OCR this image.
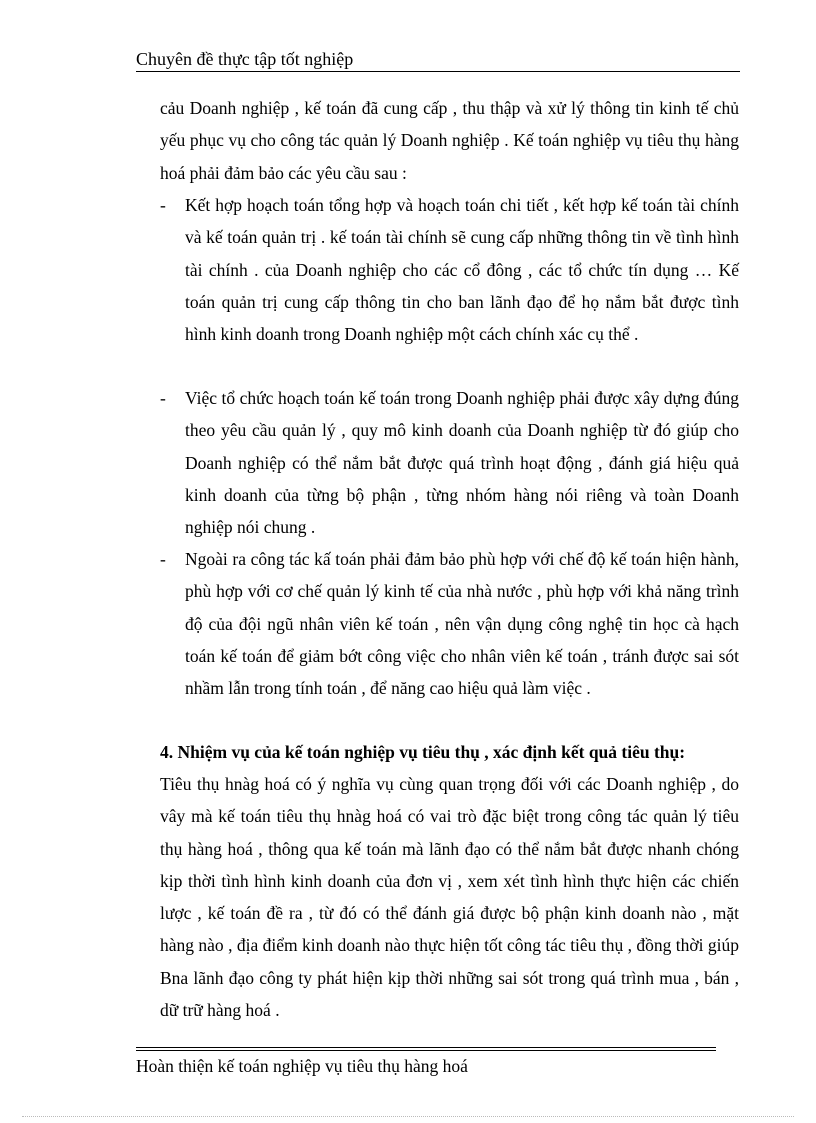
Chuyên đề thực tập tốt nghiệp
cảu Doanh nghiệp , kế toán đã cung cấp , thu thập và xử lý thông tin kinh tế chủ yếu phục vụ cho công tác quản lý Doanh nghiệp . Kế toán nghiệp vụ tiêu thụ hàng hoá phải đảm bảo các yêu cầu sau :
-	Kết hợp hoạch toán tổng hợp và hoạch toán chi tiết , kết hợp kế toán tài chính và kế toán quản trị . kế toán tài chính sẽ cung cấp những thông tin về tình hình tài chính . của Doanh nghiệp cho các cổ đông , các tổ chức tín dụng … Kế toán quản trị cung cấp thông tin cho ban lãnh đạo để họ nắm bắt được tình hình kinh doanh trong Doanh nghiệp một cách chính xác cụ thể .
-	Việc tổ chức hoạch toán kế toán trong Doanh nghiệp phải được xây dựng đúng theo yêu cầu quản lý , quy mô kinh doanh của Doanh nghiệp từ đó giúp cho Doanh nghiệp có thể nắm bắt được quá trình hoạt động , đánh giá hiệu quả kinh doanh của từng bộ phận , từng nhóm hàng nói riêng và toàn Doanh nghiệp nói chung .
-	Ngoài ra công tác kấ toán phải đảm bảo phù hợp với chế độ kế toán hiện hành, phù hợp với cơ chế quản lý kinh tế của nhà nước , phù hợp với khả năng trình độ của đội ngũ nhân viên kế toán , nên vận dụng công nghệ tin học cà hạch toán kế toán để giảm bớt công việc cho nhân viên kế toán , tránh được sai sót nhầm lẫn trong tính toán , để năng cao hiệu quả làm việc .
4. Nhiệm vụ của kế toán nghiệp vụ tiêu thụ , xác định kết quả tiêu thụ:
Tiêu thụ hnàg hoá có ý nghĩa vụ cùng quan trọng đối với các Doanh nghiệp , do vây mà kế toán tiêu thụ hnàg hoá có vai trò đặc biệt trong công tác quản lý tiêu thụ hàng hoá , thông qua kế toán mà lãnh đạo có thể nắm bắt được nhanh chóng kịp thời tình hình kinh doanh của đơn vị , xem xét tình hình thực hiện các chiến lược , kế toán đề ra , từ đó có thể đánh giá được bộ phận kinh doanh nào , mặt hàng nào , địa điểm kinh doanh nào thực hiện tốt công tác tiêu thụ , đồng thời giúp Bna lãnh đạo công ty phát hiện kịp thời những sai sót trong quá trình mua , bán , dữ trữ hàng hoá .
Hoàn thiện kế toán nghiệp vụ tiêu thụ hàng hoá
